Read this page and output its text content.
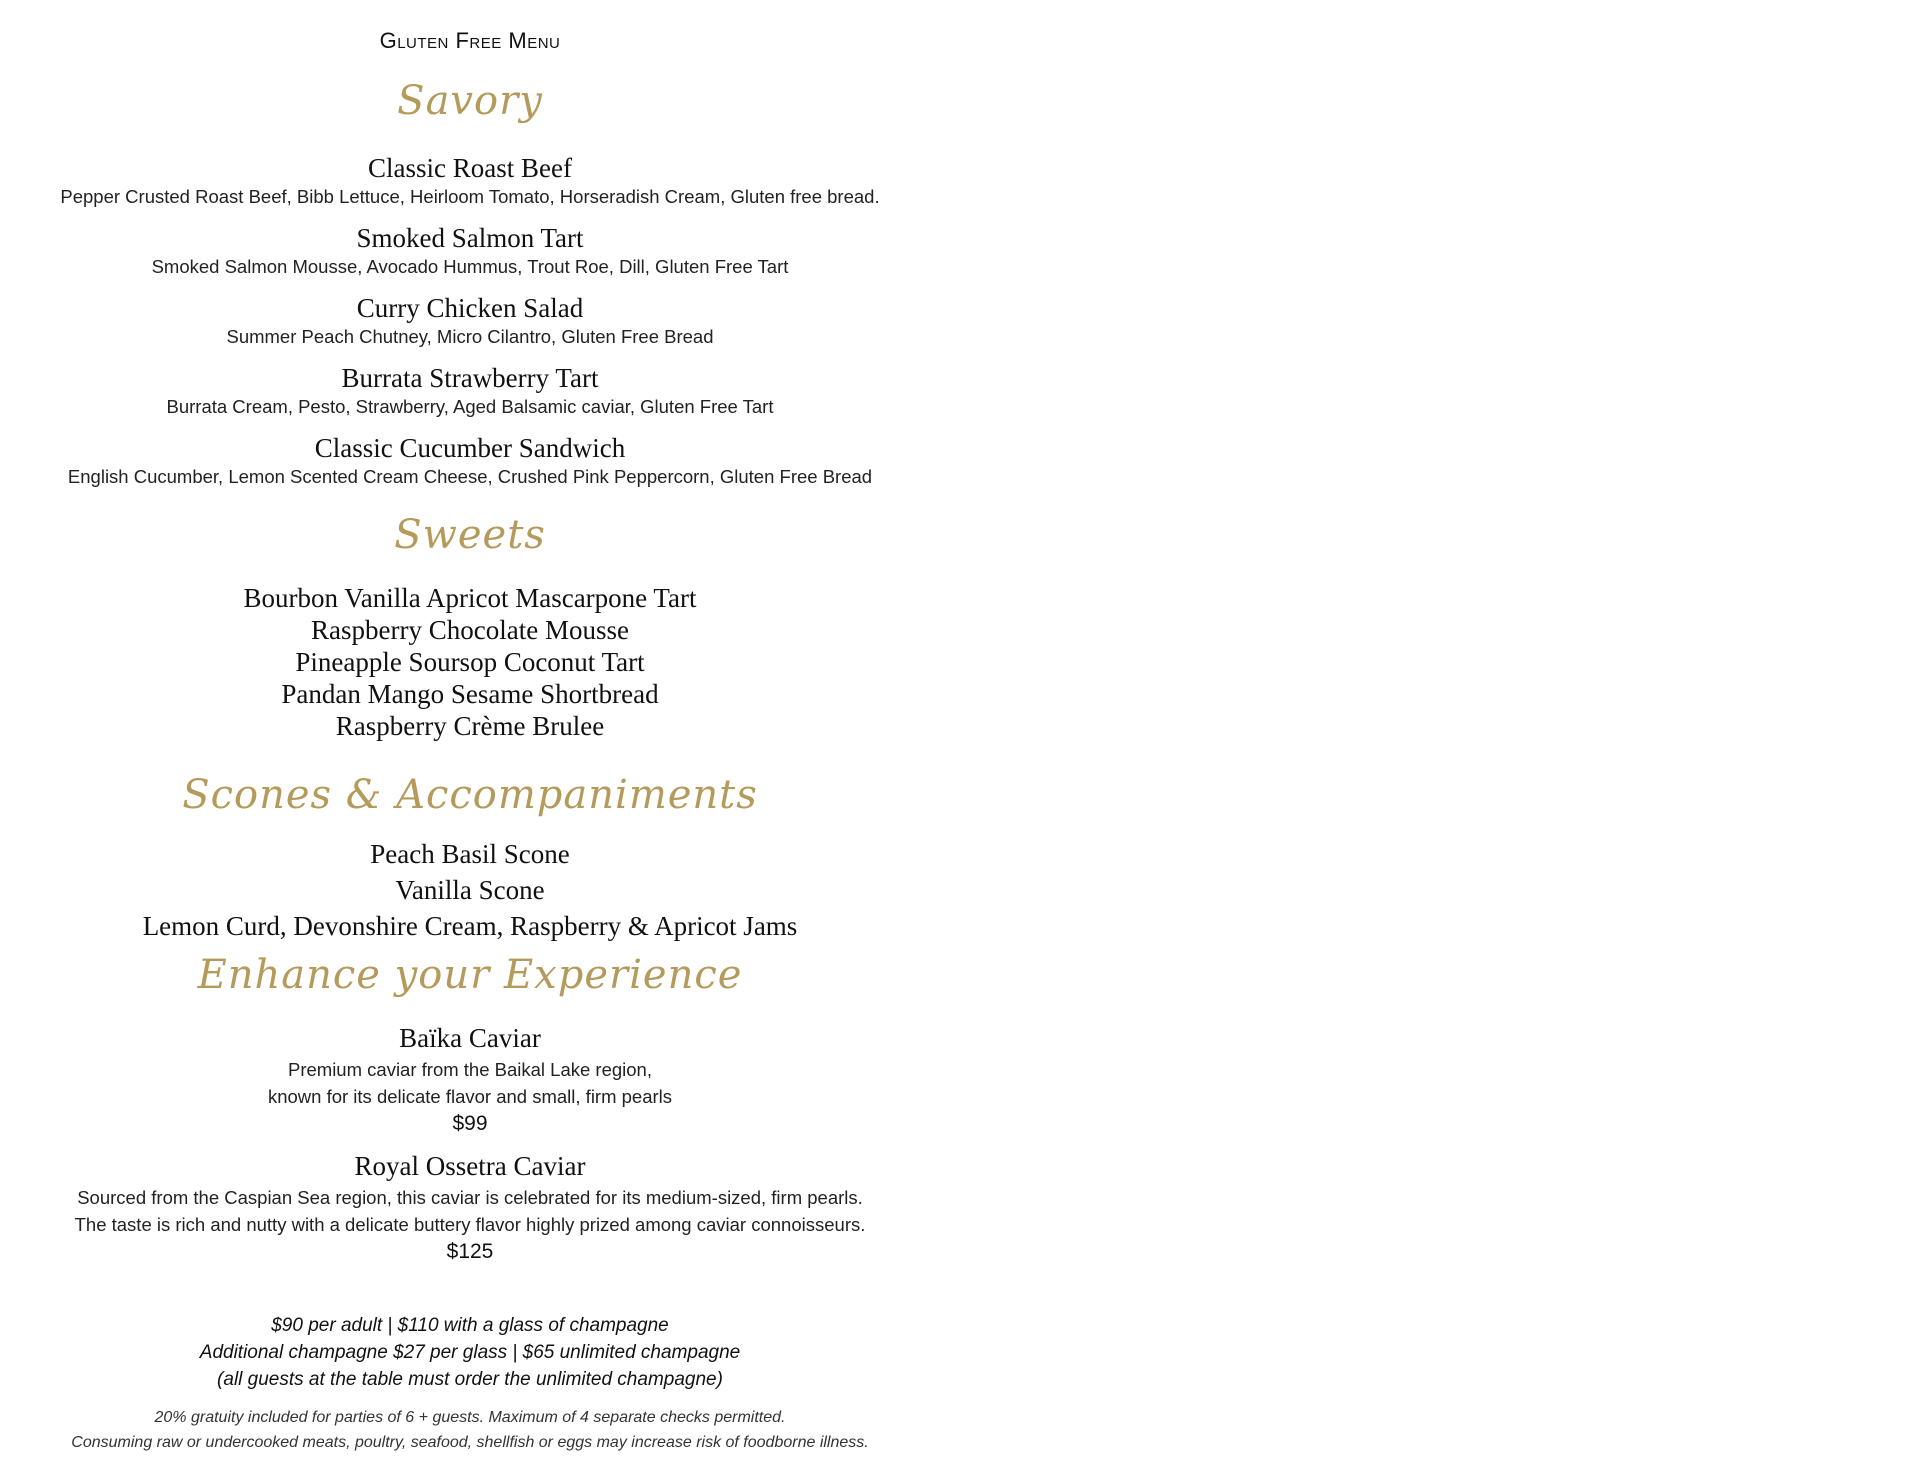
Gluten Free Menu
Savory
Classic Roast Beef
Pepper Crusted Roast Beef, Bibb Lettuce, Heirloom Tomato, Horseradish Cream, Gluten free bread.
Smoked Salmon Tart
Smoked Salmon Mousse, Avocado Hummus, Trout Roe, Dill, Gluten Free Tart
Curry Chicken Salad
Summer Peach Chutney, Micro Cilantro, Gluten Free Bread
Burrata Strawberry Tart
Burrata Cream, Pesto, Strawberry, Aged Balsamic caviar, Gluten Free Tart
Classic Cucumber Sandwich
English Cucumber, Lemon Scented Cream Cheese, Crushed Pink Peppercorn, Gluten Free Bread
Sweets
Bourbon Vanilla Apricot Mascarpone Tart
Raspberry Chocolate Mousse
Pineapple Soursop Coconut Tart
Pandan Mango Sesame Shortbread
Raspberry Crème Brulee
Scones & Accompaniments
Peach Basil Scone
Vanilla Scone
Lemon Curd, Devonshire Cream, Raspberry & Apricot Jams
Enhance your Experience
Baïka Caviar
Premium caviar from the Baikal Lake region,
known for its delicate flavor and small, firm pearls
$99
Royal Ossetra Caviar
Sourced from the Caspian Sea region, this caviar is celebrated for its medium-sized, firm pearls.
The taste is rich and nutty with a delicate buttery flavor highly prized among caviar connoisseurs.
$125
$90 per adult | $110 with a glass of champagne
Additional champagne $27 per glass | $65 unlimited champagne
(all guests at the table must order the unlimited champagne)
20% gratuity included for parties of 6 + guests. Maximum of 4 separate checks permitted.
Consuming raw or undercooked meats, poultry, seafood, shellfish or eggs may increase risk of foodborne illness.
